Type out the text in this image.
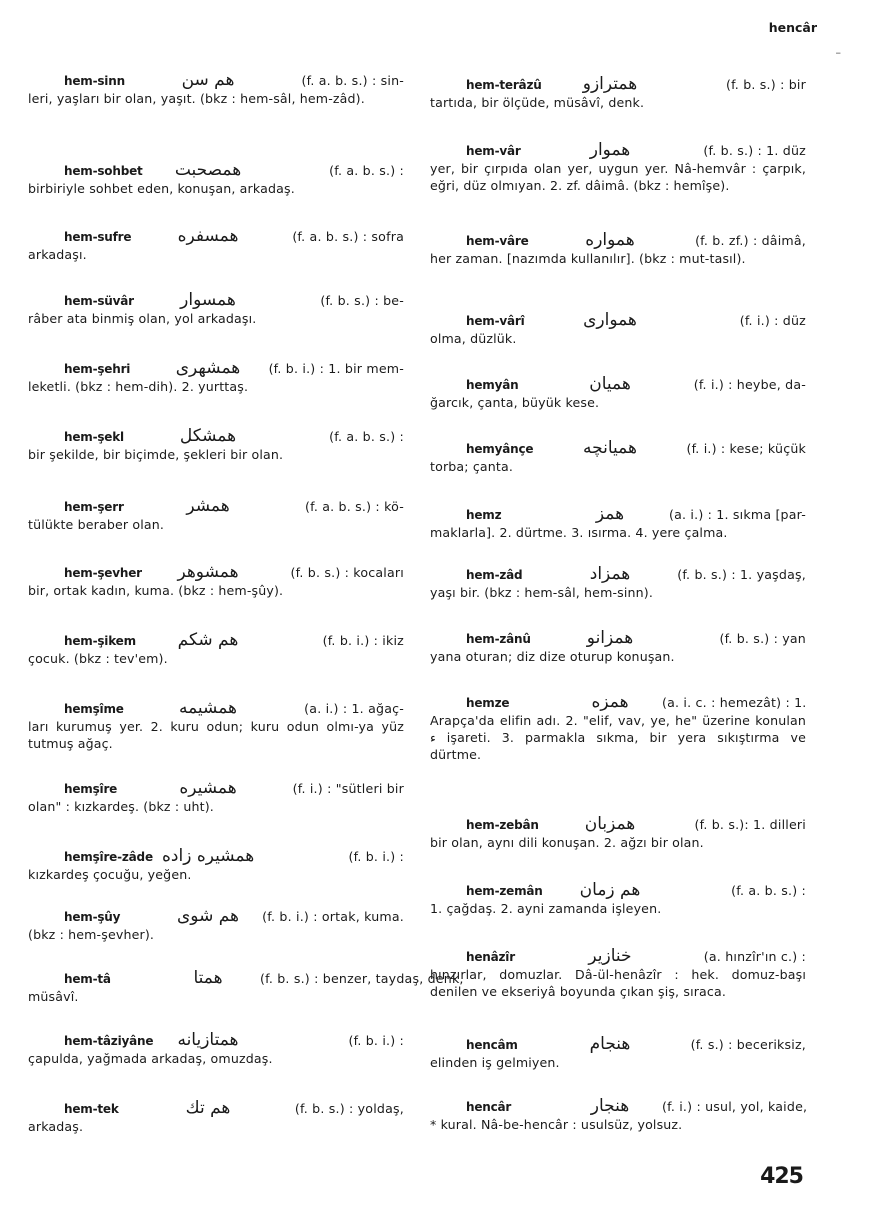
hencâr
–
hem-sinn	هم سن	(f. a. b. s.) : sin-
leri, yaşları bir olan, yaşıt. (bkz : hem-sâl, hem-zâd).
hem-sohbet	همصحبت	(f. a. b. s.) :
birbiriyle sohbet eden, konuşan, arkadaş.
hem-sufre	همسفره	(f. a. b. s.) : sofra
arkadaşı.
hem-süvâr	همسوار	(f. b. s.) : be-
râber ata binmiş olan, yol arkadaşı.
hem-şehri	همشهری	(f. b. i.) : 1. bir mem-
leketli. (bkz : hem-dih). 2. yurttaş.
hem-şekl	همشكل	(f. a. b. s.) :
bir şekilde, bir biçimde, şekleri bir olan.
hem-şerr	همشر	(f. a. b. s.) : kö-
tülükte beraber olan.
hem-şevher	همشوهر	(f. b. s.) : kocaları
bir, ortak kadın, kuma. (bkz : hem-şûy).
hem-şikem	هم شكم	(f. b. i.) : ikiz
çocuk. (bkz : tev'em).
hemşîme	همشيمه	(a. i.) : 1. ağaç-
ları kurumuş yer. 2. kuru odun; kuru odun olmı-ya yüz tutmuş ağaç.
hemşîre	همشيره	(f. i.) : "sütleri bir
olan" : kızkardeş. (bkz : uht).
hemşîre-zâde همشيره زاده	(f. b. i.) :
kızkardeş çocuğu, yeğen.
hem-şûy	هم شوى	(f. b. i.) : ortak, kuma.
(bkz : hem-şevher).
hem-tâ	همتا	(f. b. s.) : benzer, taydaş, denk,
müsâvî.
hem-tâziyâne	همتازيانه	(f. b. i.) :
çapulda, yağmada arkadaş, omuzdaş.
hem-tek	هم تك	(f. b. s.) : yoldaş,
arkadaş.
hem-terâzû	همترازو	(f. b. s.) : bir
tartıda, bir ölçüde, müsâvî, denk.
hem-vâr	هموار	(f. b. s.) : 1. düz
yer, bir çırpıda olan yer, uygun yer. Nâ-hemvâr : çarpık, eğri, düz olmıyan. 2. zf. dâimâ. (bkz : hemîşe).
hem-vâre	همواره	(f. b. zf.) : dâimâ,
her zaman. [nazımda kullanılır]. (bkz : mut-tasıl).
hem-vârî	همواری	(f. i.) : düz
olma, düzlük.
hemyân	هميان	(f. i.) : heybe, da-
ğarcık, çanta, büyük kese.
hemyânçe	هميانچه	(f. i.) : kese; küçük
torba; çanta.
hemz	همز	(a. i.) : 1. sıkma [par-
maklarla]. 2. dürtme. 3. ısırma. 4. yere çalma.
hem-zâd	همزاد	(f. b. s.) : 1. yaşdaş,
yaşı bir. (bkz : hem-sâl, hem-sinn).
hem-zânû	همزانو	(f. b. s.) : yan
yana oturan; diz dize oturup konuşan.
hemze	همزه	(a. i. c. : hemezât) : 1.
Arapça'da elifin adı. 2. "elif, vav, ye, he" üzerine konulan ء işareti. 3. parmakla sıkma, bir yera sıkıştırma ve dürtme.
hem-zebân	همزبان	(f. b. s.): 1. dilleri
bir olan, aynı dili konuşan. 2. ağzı bir olan.
hem-zemân	هم زمان	(f. a. b. s.) :
1. çağdaş. 2. ayni zamanda işleyen.
henâzîr	خنازير	(a. hınzîr'ın c.) :
hınzırlar, domuzlar. Dâ-ül-henâzîr : hek. domuz-başı denilen ve ekseriyâ boyunda çıkan şiş, sıraca.
hencâm	هنجام	(f. s.) : beceriksiz,
elinden iş gelmiyen.
hencâr	هنجار	(f. i.) : usul, yol, kaide,
* kural. Nâ-be-hencâr : usulsüz, yolsuz.
425
